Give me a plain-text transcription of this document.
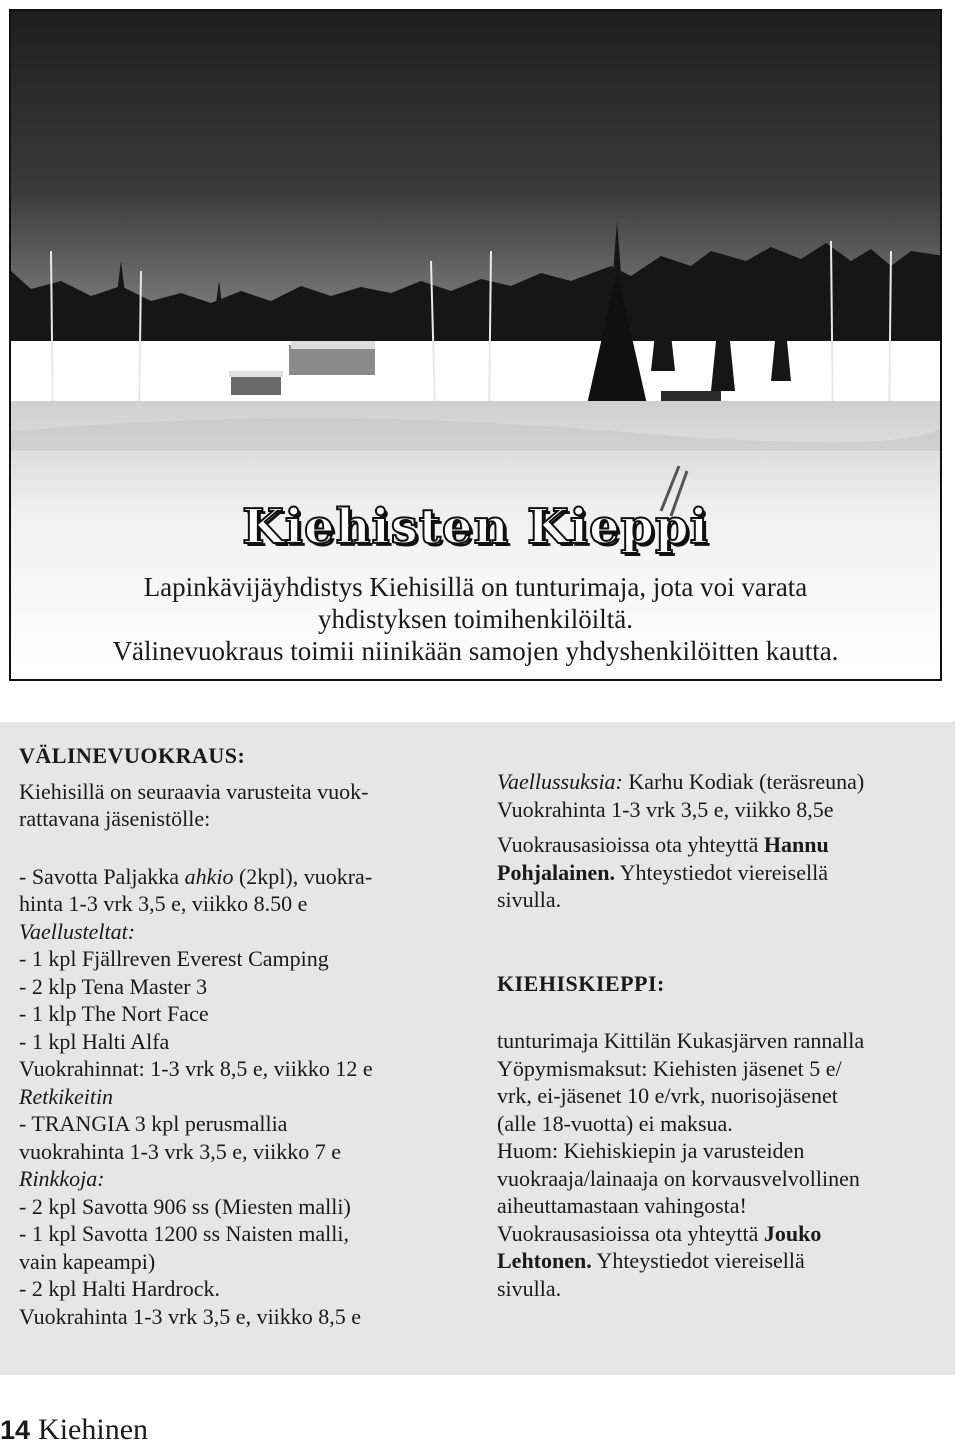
Kiehisten Kieppi
Lapinkävijäyhdistys Kiehisillä on tunturimaja, jota voi varata
yhdistyksen toimihenkilöiltä.
Välinevuokraus toimii niinikään samojen yhdyshenkilöitten kautta.
VÄLINEVUOKRAUS:
Kiehisillä on seuraavia varusteita vuok-
rattavana jäsenistölle:
- Savotta Paljakka ahkio (2kpl), vuokra-
hinta 1-3 vrk 3,5 e, viikko 8.50 e
Vaellusteltat:
- 1 kpl Fjällreven Everest Camping
- 2 klp Tena Master 3
- 1 klp The Nort Face
- 1 kpl Halti Alfa
Vuokrahinnat: 1-3 vrk 8,5 e, viikko 12 e
Retkikeitin
- TRANGIA 3 kpl perusmallia
vuokrahinta 1-3 vrk 3,5 e, viikko 7 e
Rinkkoja:
- 2 kpl Savotta 906 ss (Miesten malli)
- 1 kpl Savotta 1200 ss Naisten malli,
vain kapeampi)
- 2 kpl Halti Hardrock.
Vuokrahinta 1-3 vrk 3,5 e, viikko 8,5 e
Vaellussuksia: Karhu Kodiak (teräsreuna)
Vuokrahinta 1-3 vrk 3,5 e, viikko 8,5e
Vuokrausasioissa ota yhteyttä Hannu
Pohjalainen. Yhteystiedot viereisellä
sivulla.
KIEHISKIEPPI:
tunturimaja Kittilän Kukasjärven rannalla
Yöpymismaksut: Kiehisten jäsenet 5 e/
vrk, ei-jäsenet 10 e/vrk, nuorisojäsenet
(alle 18-vuotta) ei maksua.
Huom: Kiehiskiepin ja varusteiden
vuokraaja/lainaaja on korvausvelvollinen
aiheuttamastaan vahingosta!
Vuokrausasioissa ota yhteyttä Jouko
Lehtonen. Yhteystiedot viereisellä
sivulla.
14 Kiehinen
